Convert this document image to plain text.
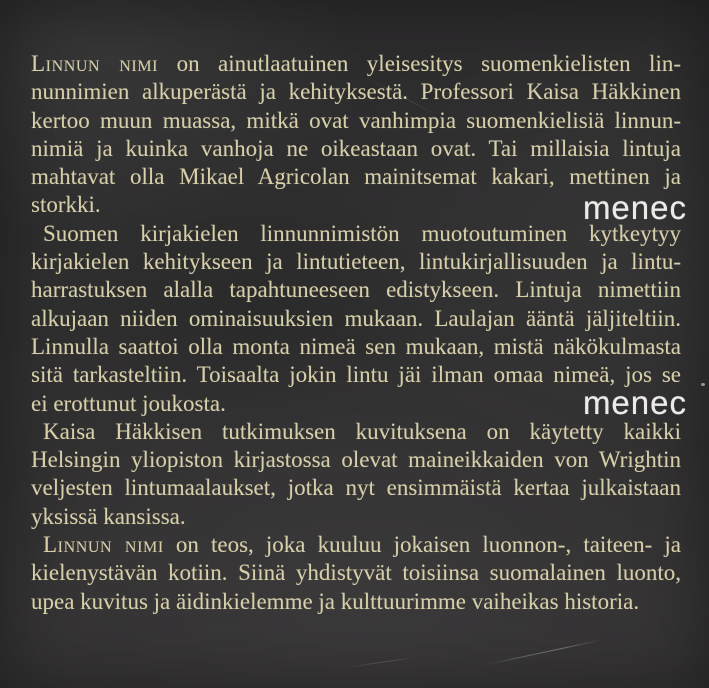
Linnun nimi on ainutlaatuinen yleisesitys suomenkielisten lin-
nunnimien alkuperästä ja kehityksestä. Professori Kaisa Häkkinen
kertoo muun muassa, mitkä ovat vanhimpia suomenkielisiä linnun-
nimiä ja kuinka vanhoja ne oikeastaan ovat. Tai millaisia lintuja
mahtavat olla Mikael Agricolan mainitsemat kakari, mettinen ja
storkki.
Suomen kirjakielen linnunnimistön muotoutuminen kytkeytyy
kirjakielen kehitykseen ja lintutieteen, lintukirjallisuuden ja lintu-
harrastuksen alalla tapahtuneeseen edistykseen. Lintuja nimettiin
alkujaan niiden ominaisuuksien mukaan. Laulajan ääntä jäljiteltiin.
Linnulla saattoi olla monta nimeä sen mukaan, mistä näkökulmasta
sitä tarkasteltiin. Toisaalta jokin lintu jäi ilman omaa nimeä, jos se
ei erottunut joukosta.
Kaisa Häkkisen tutkimuksen kuvituksena on käytetty kaikki
Helsingin yliopiston kirjastossa olevat maineikkaiden von Wrightin
veljesten lintumaalaukset, jotka nyt ensimmäistä kertaa julkaistaan
yksissä kansissa.
Linnun nimi on teos, joka kuuluu jokaisen luonnon-, taiteen- ja
kielenystävän kotiin. Siinä yhdistyvät toisiinsa suomalainen luonto,
upea kuvitus ja äidinkielemme ja kulttuurimme vaiheikas historia.
menec
menec
